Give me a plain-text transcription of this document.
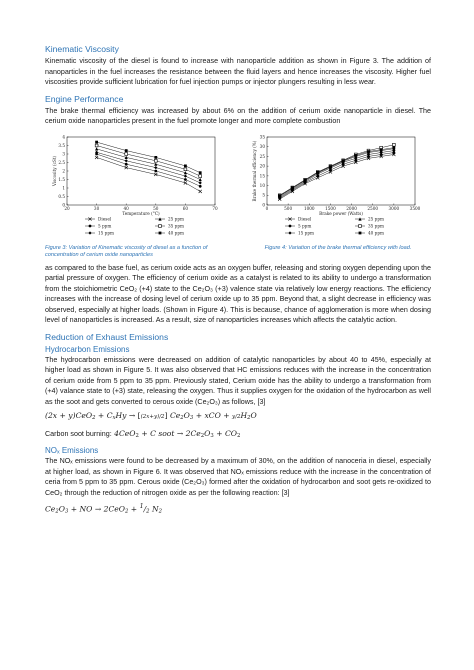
Kinematic Viscosity

Kinematic viscosity of the diesel is found to increase with nanoparticle addition as shown in Figure 3. The addition of nanoparticles in the fuel increases the resistance between the fluid layers and hence increases the viscosity. Higher fuel viscosities provide sufficient lubrication for fuel injection pumps or injector plungers resulting in less wear.

Engine Performance

The brake thermal efficiency was increased by about 6% on the addition of cerium oxide nanoparticle in diesel. The cerium oxide nanoparticles present in the fuel promote longer and more complete combustion

20	30	40	50	60	70
0
0.5
1
1.5
2
2.5
3
3.5
4
Temperature (°C)
Viscosity (cSt)
Diesel	25 ppm
5 ppm	35 ppm
15 ppm	40 ppm
Figure 3: Variation of Kinematic viscosity of diesel as a function of concentration of cerium oxide nanoparticles
0	500	1000 1500 2000 2500 3000 3500
0
5
10
15
20
25
30
35
Brake power (Watts)
Brake thermal efficiency (%)
Diesel	25 ppm
5 ppm	35 ppm
15 ppm	40 ppm
Figure 4: Variation of the brake thermal efficiency with load.

as compared to the base fuel, as cerium oxide acts as an oxygen buffer, releasing and storing oxygen depending upon the partial pressure of oxygen. The efficiency of cerium oxide as a catalyst is related to its ability to undergo a transformation from the stoichiometric CeO₂ (+4) state to the Ce₂O₃ (+3) valence state via relatively low energy reactions. The efficiency increases with the increase of dosing level of cerium oxide up to 35 ppm. Beyond that, a slight decrease in efficiency was observed, especially at higher loads. (Shown in Figure 4). This is because, chance of agglomeration is more when dosing level of nanoparticles is increased. As a result, size of nanoparticles increases which affects the catalytic action.

Reduction of Exhaust Emissions
Hydrocarbon Emissions

The hydrocarbon emissions were decreased on addition of catalytic nanoparticles by about 40 to 45%, especially at higher load as shown in Figure 5. It was also observed that HC emissions reduces with the increase in the concentration of cerium oxide from 5 ppm to 35 ppm. Previously stated, Cerium oxide has the ability to undergo a transformation from (+4) valance state to (+3) state, releasing the oxygen. Thus it supplies oxygen for the oxidation of the hydrocarbon as well as the soot and gets converted to cerous oxide (Ce₂O₃) as follows, [3]

$(2x + y)CeO_2 + C_xHy \to [(2x+y)/2] Ce_2O_3$ + xCO + $y/2H_2O$
Carbon soot burning: 4CeO$_2$ + C soot → $2Ce_2O_3 + CO_2$
NOₓ Emissions

The NOₓ emissions were found to be decreased by a maximum of 30%, on the addition of nanoceria in diesel, especially at higher load, as shown in Figure 6. It was observed that NOₓ emissions reduce with the increase in the concentration of ceria from 5 ppm to 35 ppm. Cerous oxide (Ce₂O₃) formed after the oxidation of hydrocarbon and soot gets re-oxidized to CeO₂ through the reduction of nitrogen oxide as per the following reaction: [3]

$Ce_2O_3$ + NO → $2CeO_2 + ^1/_2$ $N_2$
